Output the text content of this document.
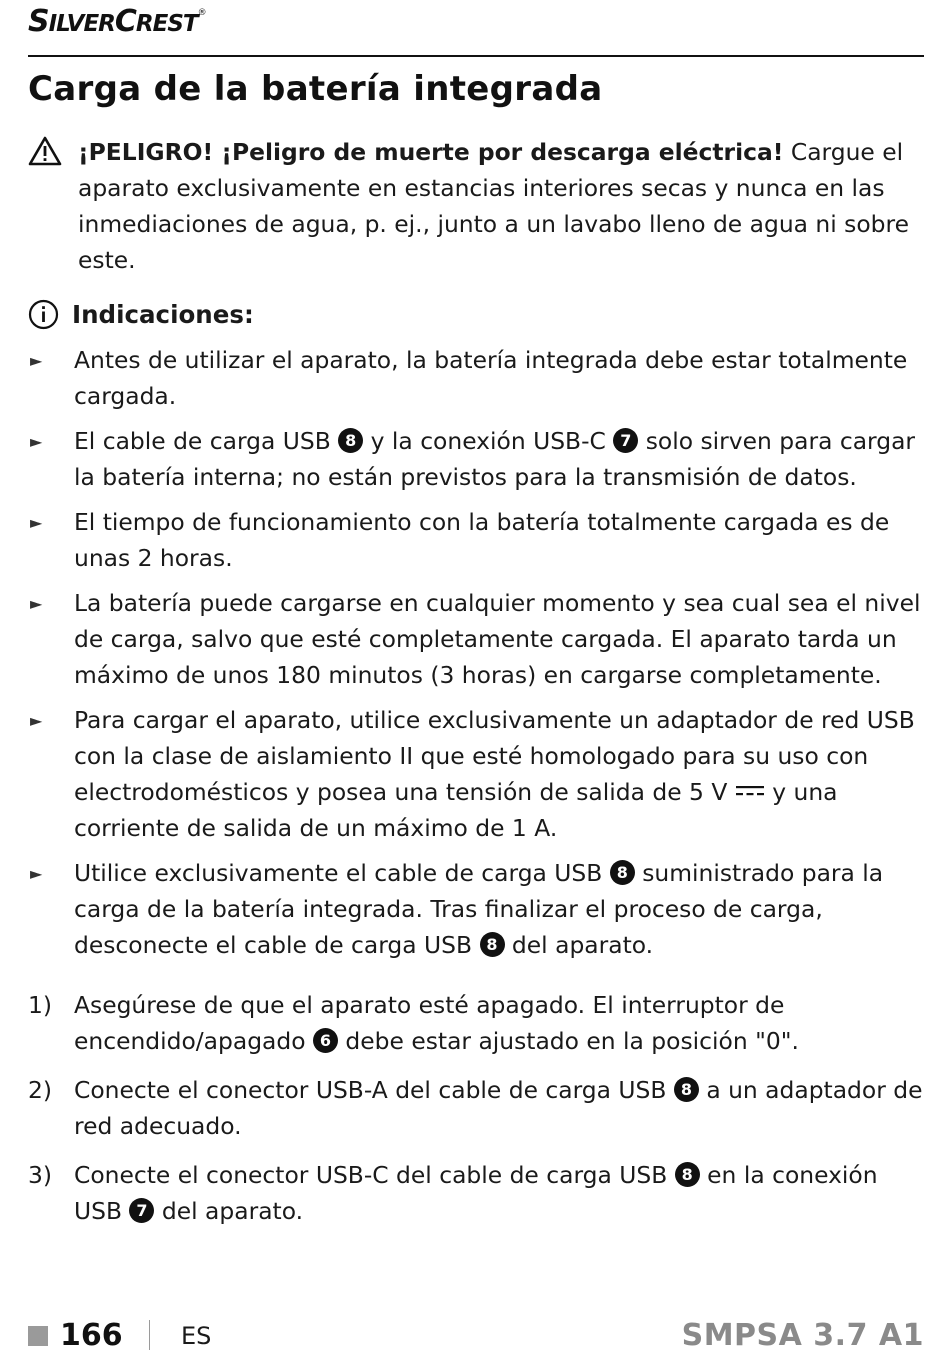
SILVERCREST®
Carga de la batería integrada
¡PELIGRO! ¡Peligro de muerte por descarga eléctrica! Cargue el aparato exclusivamente en estancias interiores secas y nunca en las inmediaciones de agua, p. ej., junto a un lavabo lleno de agua ni sobre este.
Indicaciones:
► Antes de utilizar el aparato, la batería integrada debe estar totalmente cargada.
► El cable de carga USB 8 y la conexión USB-C 7 solo sirven para cargar la batería interna; no están previstos para la transmisión de datos.
► El tiempo de funcionamiento con la batería totalmente cargada es de unas 2 horas.
► La batería puede cargarse en cualquier momento y sea cual sea el nivel de carga, salvo que esté completamente cargada. El aparato tarda un máximo de unos 180 minutos (3 horas) en cargarse completamente.
► Para cargar el aparato, utilice exclusivamente un adaptador de red USB con la clase de aislamiento II que esté homologado para su uso con electrodomésticos y posea una tensión de salida de 5 V  y una corriente de salida de un máximo de 1 A.
► Utilice exclusivamente el cable de carga USB 8 suministrado para la carga de la batería integrada. Tras finalizar el proceso de carga, desconecte el cable de carga USB 8 del aparato.
1) Asegúrese de que el aparato esté apagado. El interruptor de encendido/apagado 6 debe estar ajustado en la posición "0".
2) Conecte el conector USB-A del cable de carga USB 8 a un adaptador de red adecuado.
3) Conecte el conector USB-C del cable de carga USB 8 en la conexión USB 7 del aparato.
166 ES	SMPSA 3.7 A1
